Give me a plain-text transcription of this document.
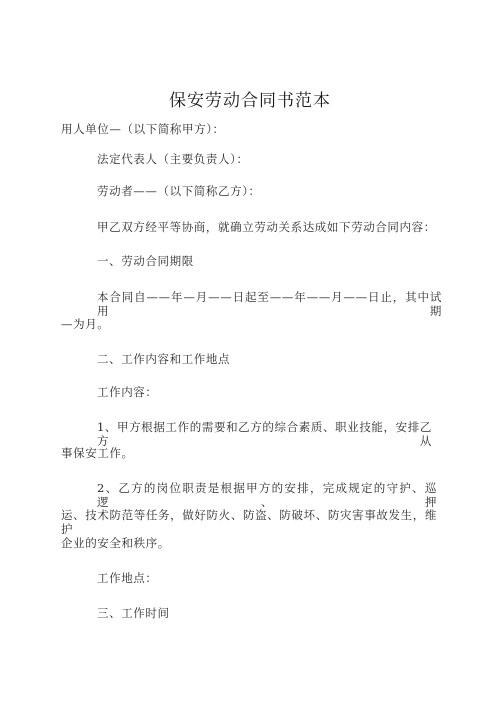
保安劳动合同书范本
用人单位—（以下简称甲方）：
法定代表人（主要负责人）：
劳动者——（以下简称乙方）：
甲乙双方经平等协商，就确立劳动关系达成如下劳动合同内容：
一、劳动合同期限
本合同自——年—月——日起至——年——月——日止，其中试用期
—为月。
二、工作内容和工作地点
工作内容：
1、甲方根据工作的需要和乙方的综合素质、职业技能，安排乙方从
事保安工作。
2、乙方的岗位职责是根据甲方的安排，完成规定的守护、巡逻、押
运、技术防范等任务，做好防火、防盗、防破坏、防灾害事故发生，维护
企业的安全和秩序。
工作地点：
三、工作时间
